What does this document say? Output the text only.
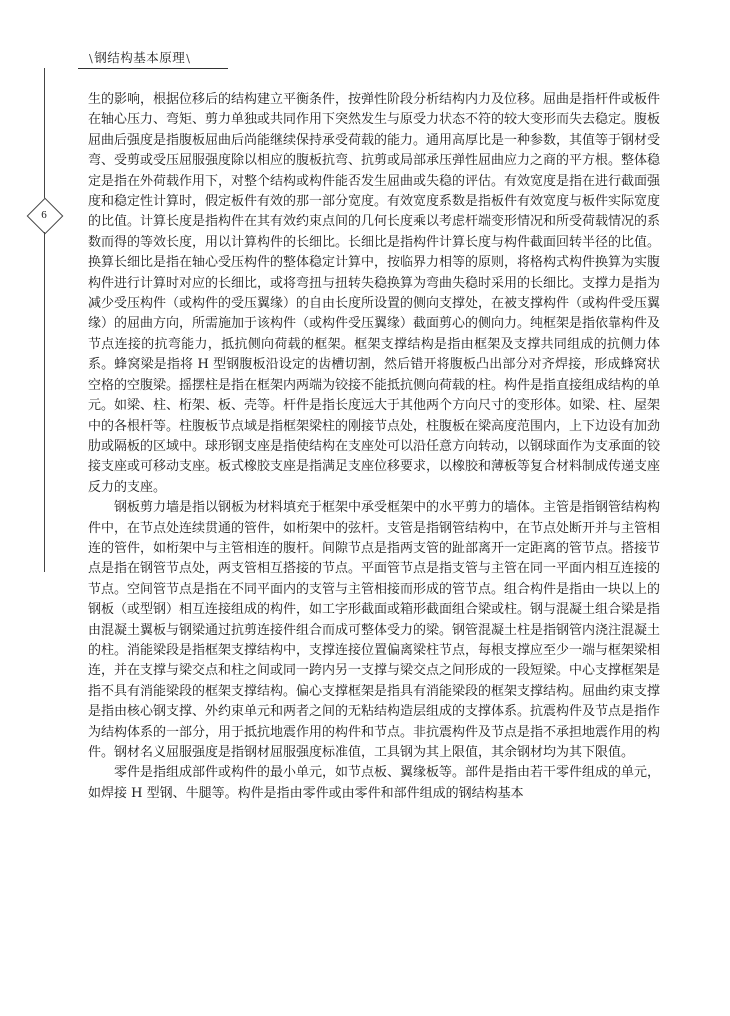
\ 钢结构基本原理 \
6

生的影响，根据位移后的结构建立平衡条件，按弹性阶段分析结构内力及位移。屈曲是指杆件或板件在轴心压力、弯矩、剪力单独或共同作用下突然发生与原受力状态不符的较大变形而失去稳定。腹板屈曲后强度是指腹板屈曲后尚能继续保持承受荷载的能力。通用高厚比是一种参数，其值等于钢材受弯、受剪或受压屈服强度除以相应的腹板抗弯、抗剪或局部承压弹性屈曲应力之商的平方根。整体稳定是指在外荷载作用下，对整个结构或构件能否发生屈曲或失稳的评估。有效宽度是指在进行截面强度和稳定性计算时，假定板件有效的那一部分宽度。有效宽度系数是指板件有效宽度与板件实际宽度的比值。计算长度是指构件在其有效约束点间的几何长度乘以考虑杆端变形情况和所受荷载情况的系数而得的等效长度，用以计算构件的长细比。长细比是指构件计算长度与构件截面回转半径的比值。换算长细比是指在轴心受压构件的整体稳定计算中，按临界力相等的原则，将格构式构件换算为实腹构件进行计算时对应的长细比，或将弯扭与扭转失稳换算为弯曲失稳时采用的长细比。支撑力是指为减少受压构件（或构件的受压翼缘）的自由长度所设置的侧向支撑处，在被支撑构件（或构件受压翼缘）的屈曲方向，所需施加于该构件（或构件受压翼缘）截面剪心的侧向力。纯框架是指依靠构件及节点连接的抗弯能力，抵抗侧向荷载的框架。框架支撑结构是指由框架及支撑共同组成的抗侧力体系。蜂窝梁是指将 H 型钢腹板沿设定的齿槽切割，然后错开将腹板凸出部分对齐焊接，形成蜂窝状空格的空腹梁。摇摆柱是指在框架内两端为铰接不能抵抗侧向荷载的柱。构件是指直接组成结构的单元。如梁、柱、桁架、板、壳等。杆件是指长度远大于其他两个方向尺寸的变形体。如梁、柱、屋架中的各根杆等。柱腹板节点域是指框架梁柱的刚接节点处，柱腹板在梁高度范围内，上下边设有加劲肋或隔板的区域中。球形钢支座是指使结构在支座处可以沿任意方向转动，以钢球面作为支承面的铰接支座或可移动支座。板式橡胶支座是指满足支座位移要求，以橡胶和薄板等复合材料制成传递支座反力的支座。

钢板剪力墙是指以钢板为材料填充于框架中承受框架中的水平剪力的墙体。主管是指钢管结构构件中，在节点处连续贯通的管件，如桁架中的弦杆。支管是指钢管结构中，在节点处断开并与主管相连的管件，如桁架中与主管相连的腹杆。间隙节点是指两支管的趾部离开一定距离的管节点。搭接节点是指在钢管节点处，两支管相互搭接的节点。平面管节点是指支管与主管在同一平面内相互连接的节点。空间管节点是指在不同平面内的支管与主管相接而形成的管节点。组合构件是指由一块以上的钢板（或型钢）相互连接组成的构件，如工字形截面或箱形截面组合梁或柱。钢与混凝土组合梁是指由混凝土翼板与钢梁通过抗剪连接件组合而成可整体受力的梁。钢管混凝土柱是指钢管内浇注混凝土的柱。消能梁段是指框架支撑结构中，支撑连接位置偏离梁柱节点，每根支撑应至少一端与框架梁相连，并在支撑与梁交点和柱之间或同一跨内另一支撑与梁交点之间形成的一段短梁。中心支撑框架是指不具有消能梁段的框架支撑结构。偏心支撑框架是指具有消能梁段的框架支撑结构。屈曲约束支撑是指由核心钢支撑、外约束单元和两者之间的无粘结构造层组成的支撑体系。抗震构件及节点是指作为结构体系的一部分，用于抵抗地震作用的构件和节点。非抗震构件及节点是指不承担地震作用的构件。钢材名义屈服强度是指钢材屈服强度标准值，工具钢为其上限值，其余钢材均为其下限值。

零件是指组成部件或构件的最小单元，如节点板、翼缘板等。部件是指由若干零件组成的单元，如焊接 H 型钢、牛腿等。构件是指由零件或由零件和部件组成的钢结构基本
